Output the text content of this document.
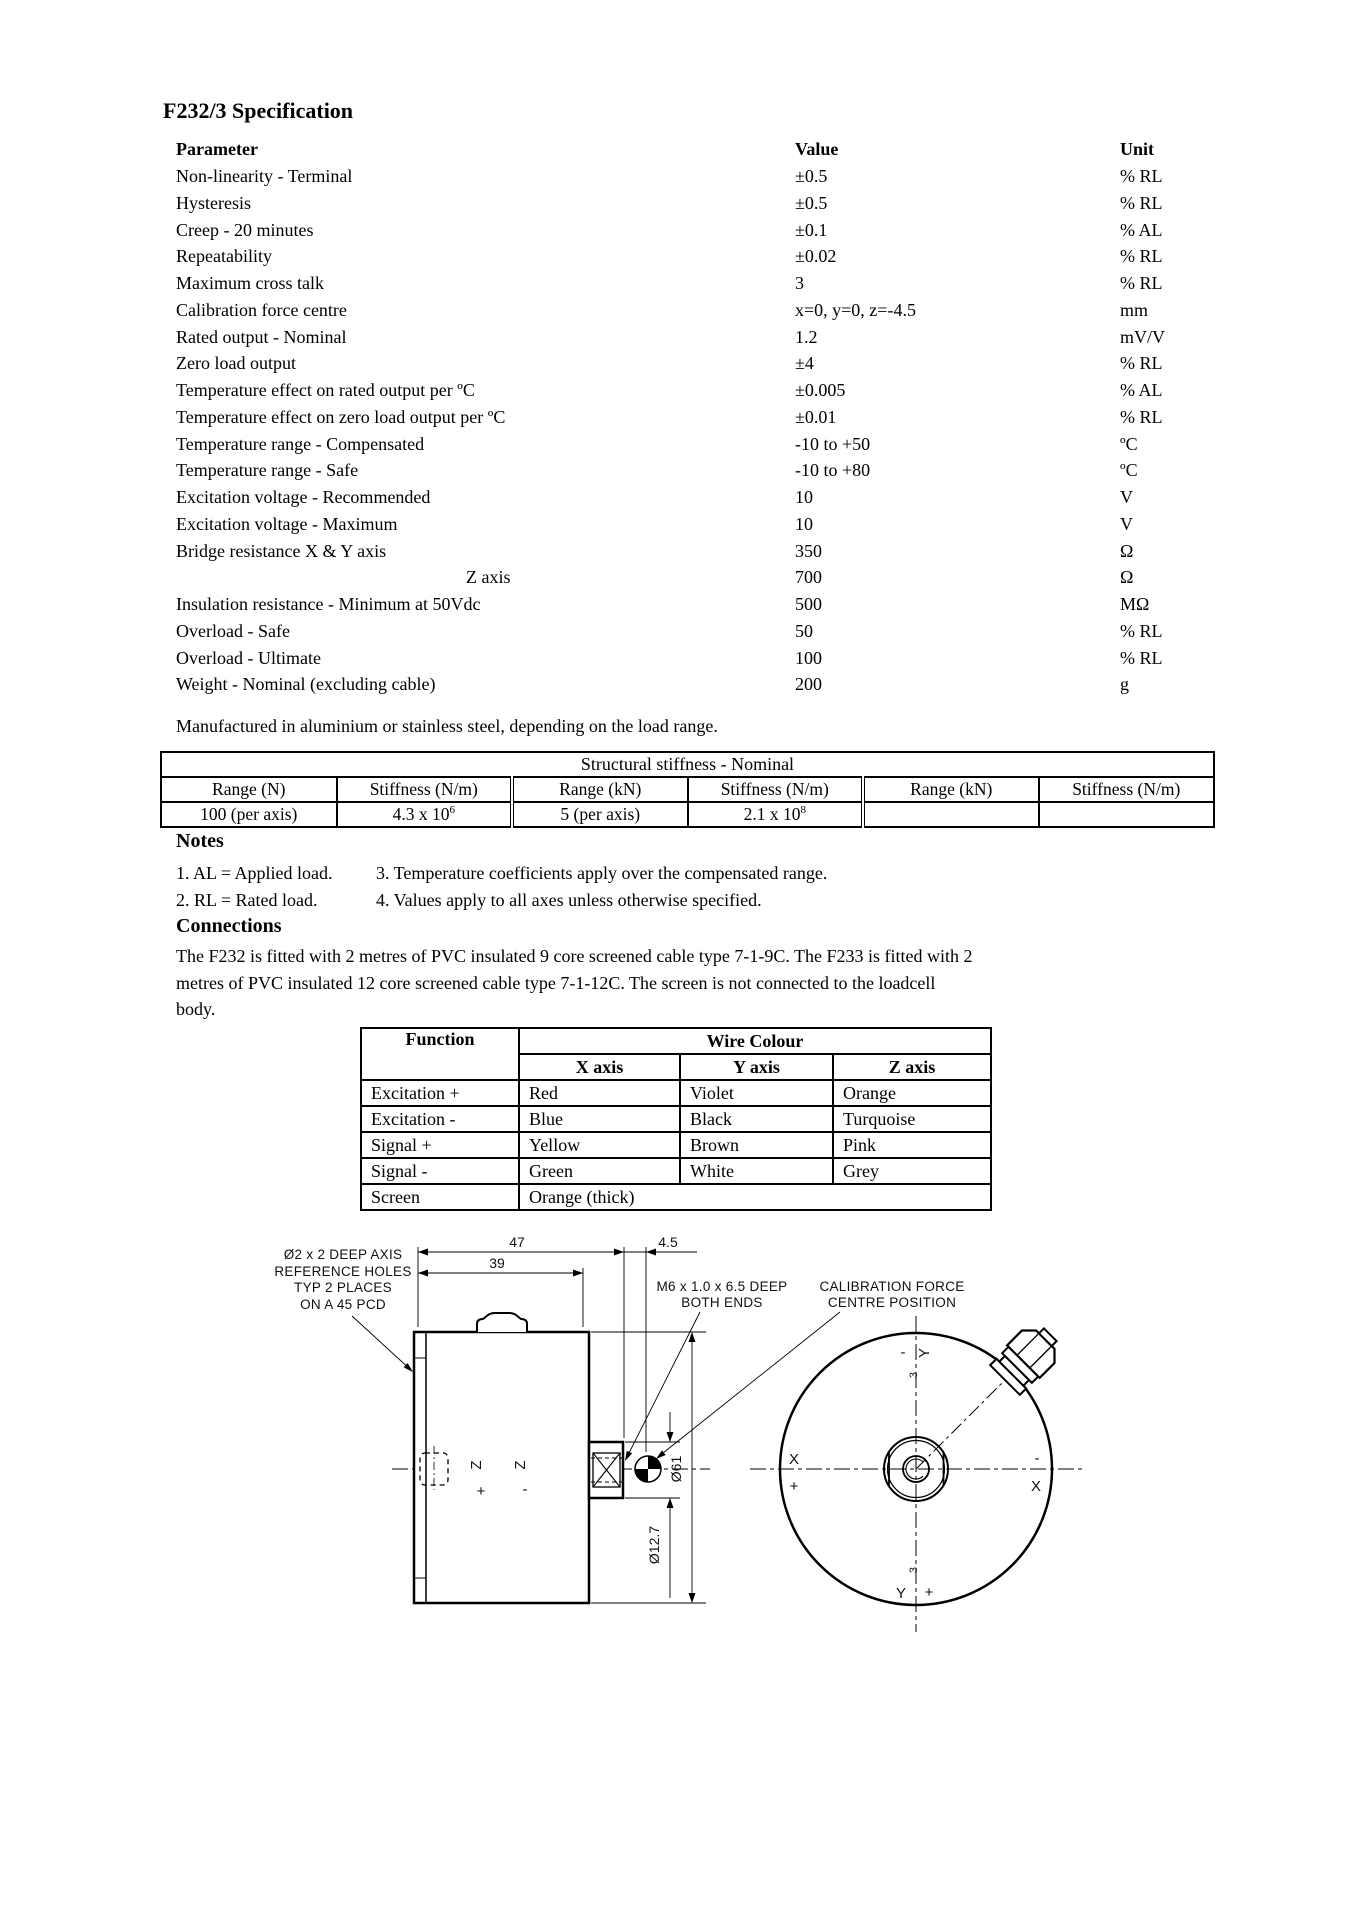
F232/3 Specification
Parameter	Value	Unit
Non-linearity - Terminal	±0.5	% RL
Hysteresis	±0.5	% RL
Creep - 20 minutes	±0.1	% AL
Repeatability	±0.02	% RL
Maximum cross talk	3	% RL
Calibration force centre	x=0, y=0, z=-4.5	mm
Rated output - Nominal	1.2	mV/V
Zero load output	±4	% RL
Temperature effect on rated output per ºC	±0.005	% AL
Temperature effect on zero load output per ºC	±0.01	% RL
Temperature range - Compensated	-10 to +50	ºC
Temperature range - Safe	-10 to +80	ºC
Excitation voltage - Recommended	10	V
Excitation voltage - Maximum	10	V
Bridge resistance X & Y axis	350	Ω
Z axis	700	Ω
Insulation resistance - Minimum at 50Vdc	500	MΩ
Overload - Safe	50	% RL
Overload - Ultimate	100	% RL
Weight - Nominal (excluding cable)	200	g
Manufactured in aluminium or stainless steel, depending on the load range.
Structural stiffness - Nominal					
Range (N)	Stiffness (N/m)	Range (kN)	Stiffness (N/m)	Range (kN)	Stiffness (N/m)
100 (per axis)	4.3 x $10^6$	5 (per axis)	2.1 x $10^8$		
Notes
1. AL = Applied load. 3. Temperature coefficients apply over the compensated range.
2. RL = Rated load.	4. Values apply to all axes unless otherwise specified.
Connections
The F232 is fitted with 2 metres of PVC insulated 9 core screened cable type 7-1-9C. The F233 is fitted with 2
metres of PVC insulated 12 core screened cable type 7-1-12C. The screen is not connected to the loadcell
body.
Function	Wire Colour		
	X axis	Y axis	Z axis
Excitation +	Red	Violet	Orange
Excitation -	Blue	Black	Turquoise
Signal +	Yellow	Brown	Pink
Signal -	Green	White	Grey
Screen	Orange (thick)		
47
39
4.5
Ø61
Ø12.7
Ø2 x 2 DEEP AXIS
REFERENCE HOLES
TYP 2 PLACES
ON A 45 PCD
M6 x 1.0 x 6.5 DEEP
BOTH ENDS
CALIBRATION FORCE
CENTRE POSITION
Z Z
+ -
- Y
3
Y +
3
X
+
-
X
